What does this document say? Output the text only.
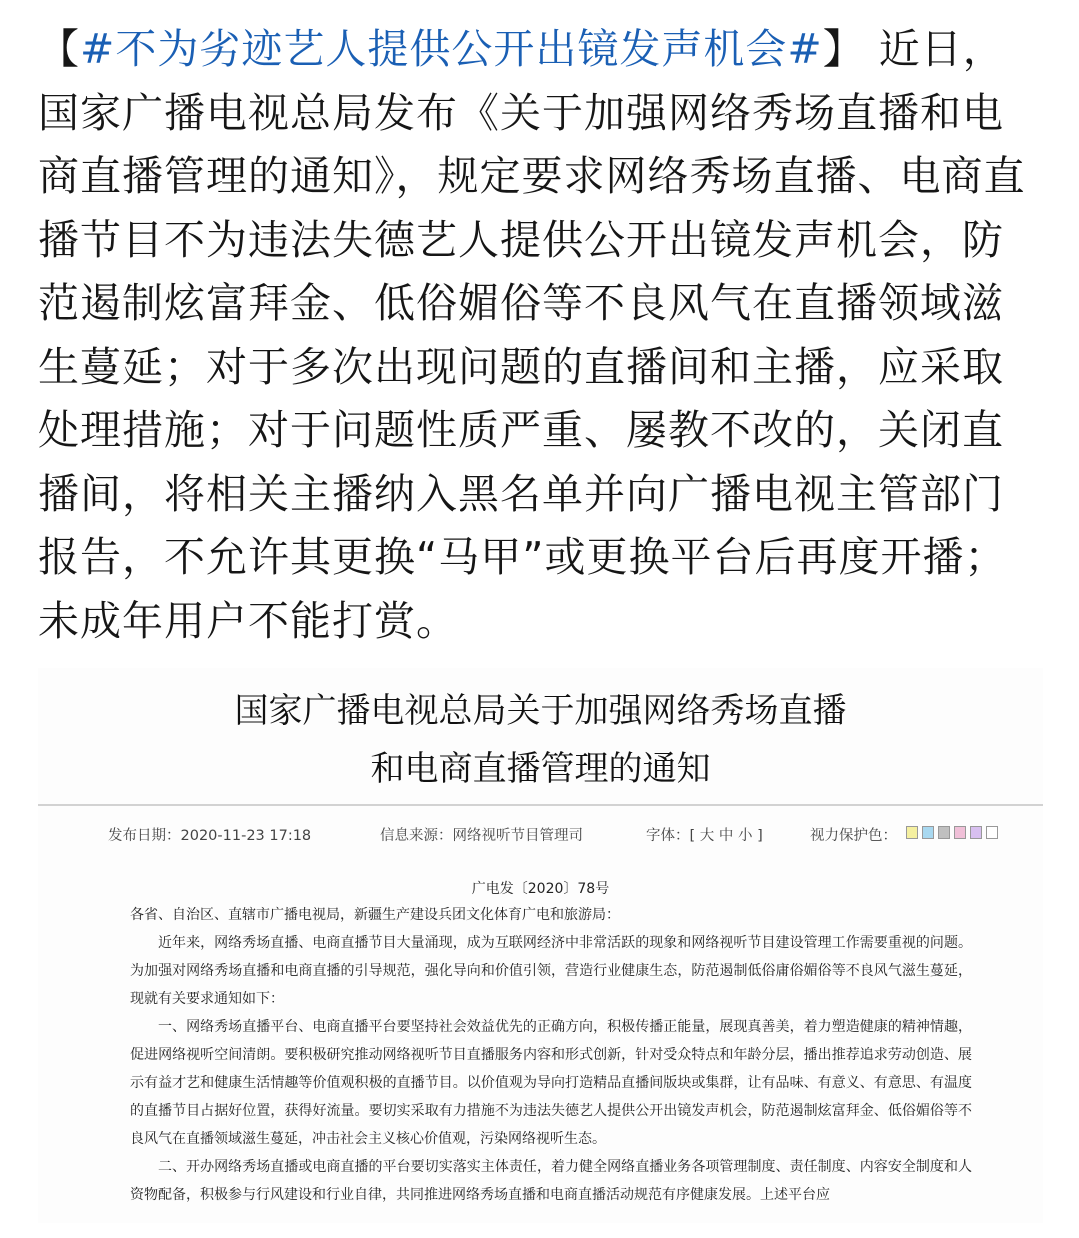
【#不为劣迹艺人提供公开出镜发声机会#】 近日，国家广播电视总局发布《关于加强网络秀场直播和电商直播管理的通知》，规定要求网络秀场直播、电商直播节目不为违法失德艺人提供公开出镜发声机会，防范遏制炫富拜金、低俗媚俗等不良风气在直播领域滋生蔓延；对于多次出现问题的直播间和主播，应采取处理措施；对于问题性质严重、屡教不改的，关闭直播间，将相关主播纳入黑名单并向广播电视主管部门报告，不允许其更换“马甲”或更换平台后再度开播；未成年用户不能打赏。
国家广播电视总局关于加强网络秀场直播
和电商直播管理的通知
发布日期：2020-11-23 17:18	信息来源：网络视听节目管理司	字体：[ 大 中 小 ]	视力保护色：
广电发〔2020〕78号

各省、自治区、直辖市广播电视局，新疆生产建设兵团文化体育广电和旅游局：

近年来，网络秀场直播、电商直播节目大量涌现，成为互联网经济中非常活跃的现象和网络视听节目建设管理工作需要重视的问题。为加强对网络秀场直播和电商直播的引导规范，强化导向和价值引领，营造行业健康生态，防范遏制低俗庸俗媚俗等不良风气滋生蔓延，现就有关要求通知如下：

一、网络秀场直播平台、电商直播平台要坚持社会效益优先的正确方向，积极传播正能量，展现真善美，着力塑造健康的精神情趣，促进网络视听空间清朗。要积极研究推动网络视听节目直播服务内容和形式创新，针对受众特点和年龄分层，播出推荐追求劳动创造、展示有益才艺和健康生活情趣等价值观积极的直播节目。以价值观为导向打造精品直播间版块或集群，让有品味、有意义、有意思、有温度的直播节目占据好位置，获得好流量。要切实采取有力措施不为违法失德艺人提供公开出镜发声机会，防范遏制炫富拜金、低俗媚俗等不良风气在直播领域滋生蔓延，冲击社会主义核心价值观，污染网络视听生态。

二、开办网络秀场直播或电商直播的平台要切实落实主体责任，着力健全网络直播业务各项管理制度、责任制度、内容安全制度和人资物配备，积极参与行风建设和行业自律，共同推进网络秀场直播和电商直播活动规范有序健康发展。上述平台应
